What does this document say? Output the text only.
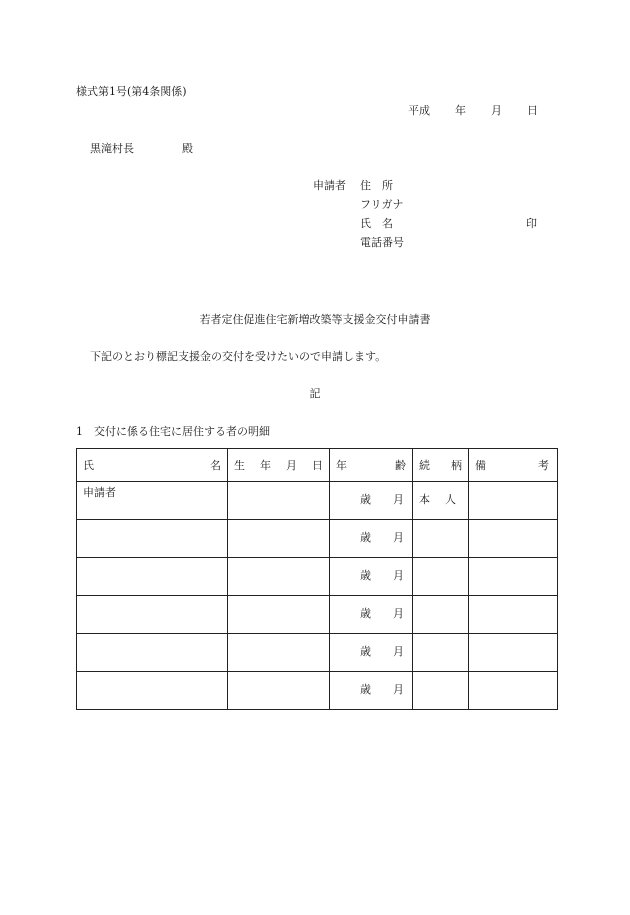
様式第1号(第4条関係)
平成 年 月 日
黒滝村長	殿
申請者 住　所
フリガナ
氏　名	印
電話番号
若者定住促進住宅新増改築等支援金交付申請書
下記のとおり標記支援金の交付を受けたいので申請します。
記
1　交付に係る住宅に居住する者の明細
氏 名	生 年 月 日	年 齢	続 柄	備 考

申請者		歳 月	本 人	

		歳 月		

		歳 月		

		歳 月		

		歳 月		

		歳 月		
